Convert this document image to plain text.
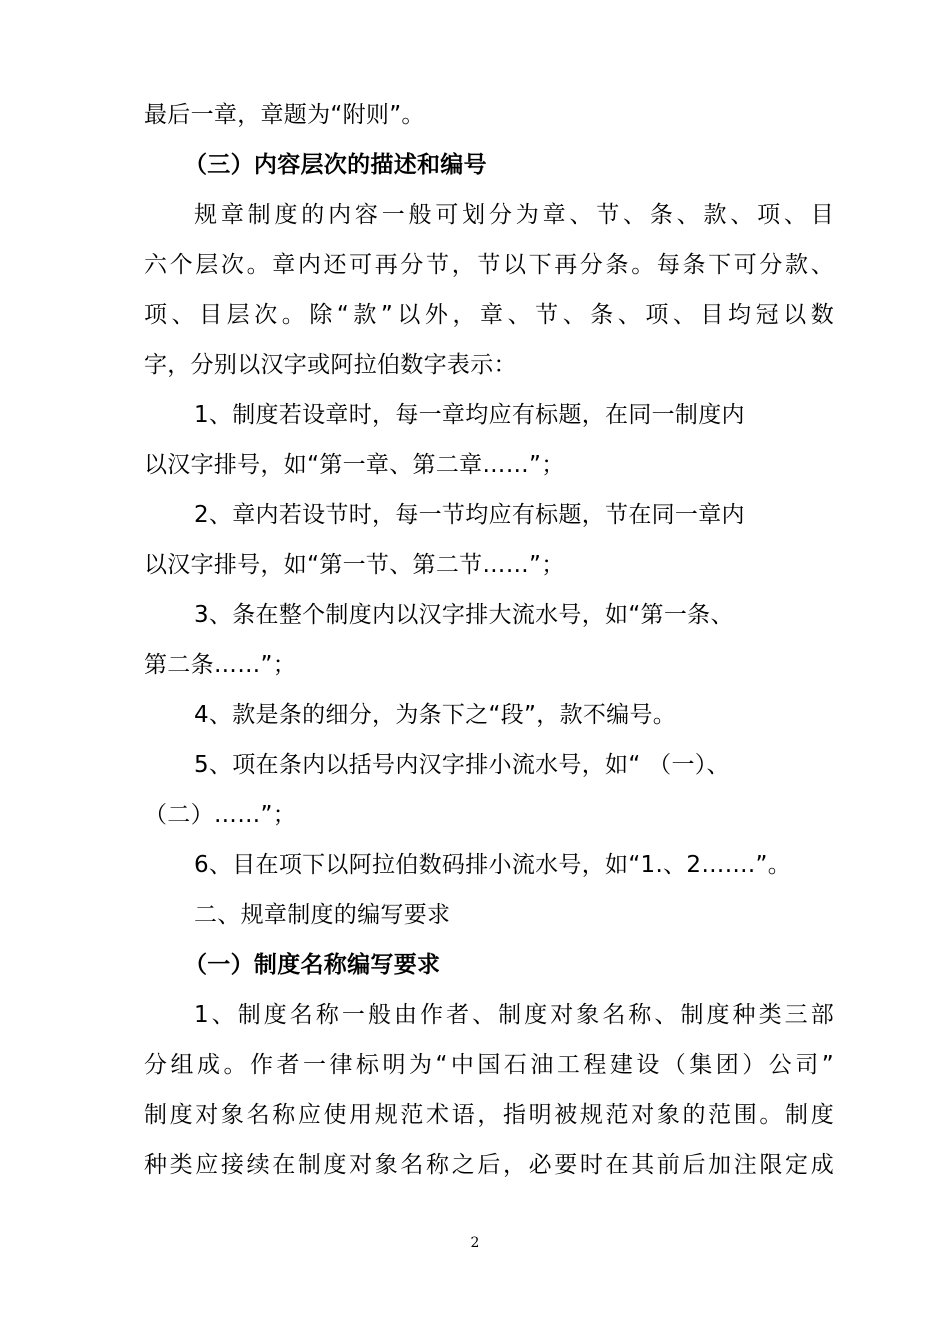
最后一章，章题为“附则”。
（三）内容层次的描述和编号
规章制度的内容一般可划分为章、节、条、款、项、目
六个层次。章内还可再分节，节以下再分条。每条下可分款、
项、目层次。除“款”以外，章、节、条、项、目均冠以数
字，分别以汉字或阿拉伯数字表示：
1、制度若设章时，每一章均应有标题，在同一制度内
以汉字排号，如“第一章、第二章……”；
2、章内若设节时，每一节均应有标题，节在同一章内
以汉字排号，如“第一节、第二节……”；
3、条在整个制度内以汉字排大流水号，如“第一条、
第二条……”；
4、款是条的细分，为条下之“段”，款不编号。
5、项在条内以括号内汉字排小流水号，如“ （一）、
（二）……”；
6、目在项下以阿拉伯数码排小流水号，如“1.、2…….”。
二、规章制度的编写要求
（一）制度名称编写要求
1、制度名称一般由作者、制度对象名称、制度种类三部
分组成。作者一律标明为“中国石油工程建设（集团）公司”
制度对象名称应使用规范术语，指明被规范对象的范围。制度
种类应接续在制度对象名称之后，必要时在其前后加注限定成
2
